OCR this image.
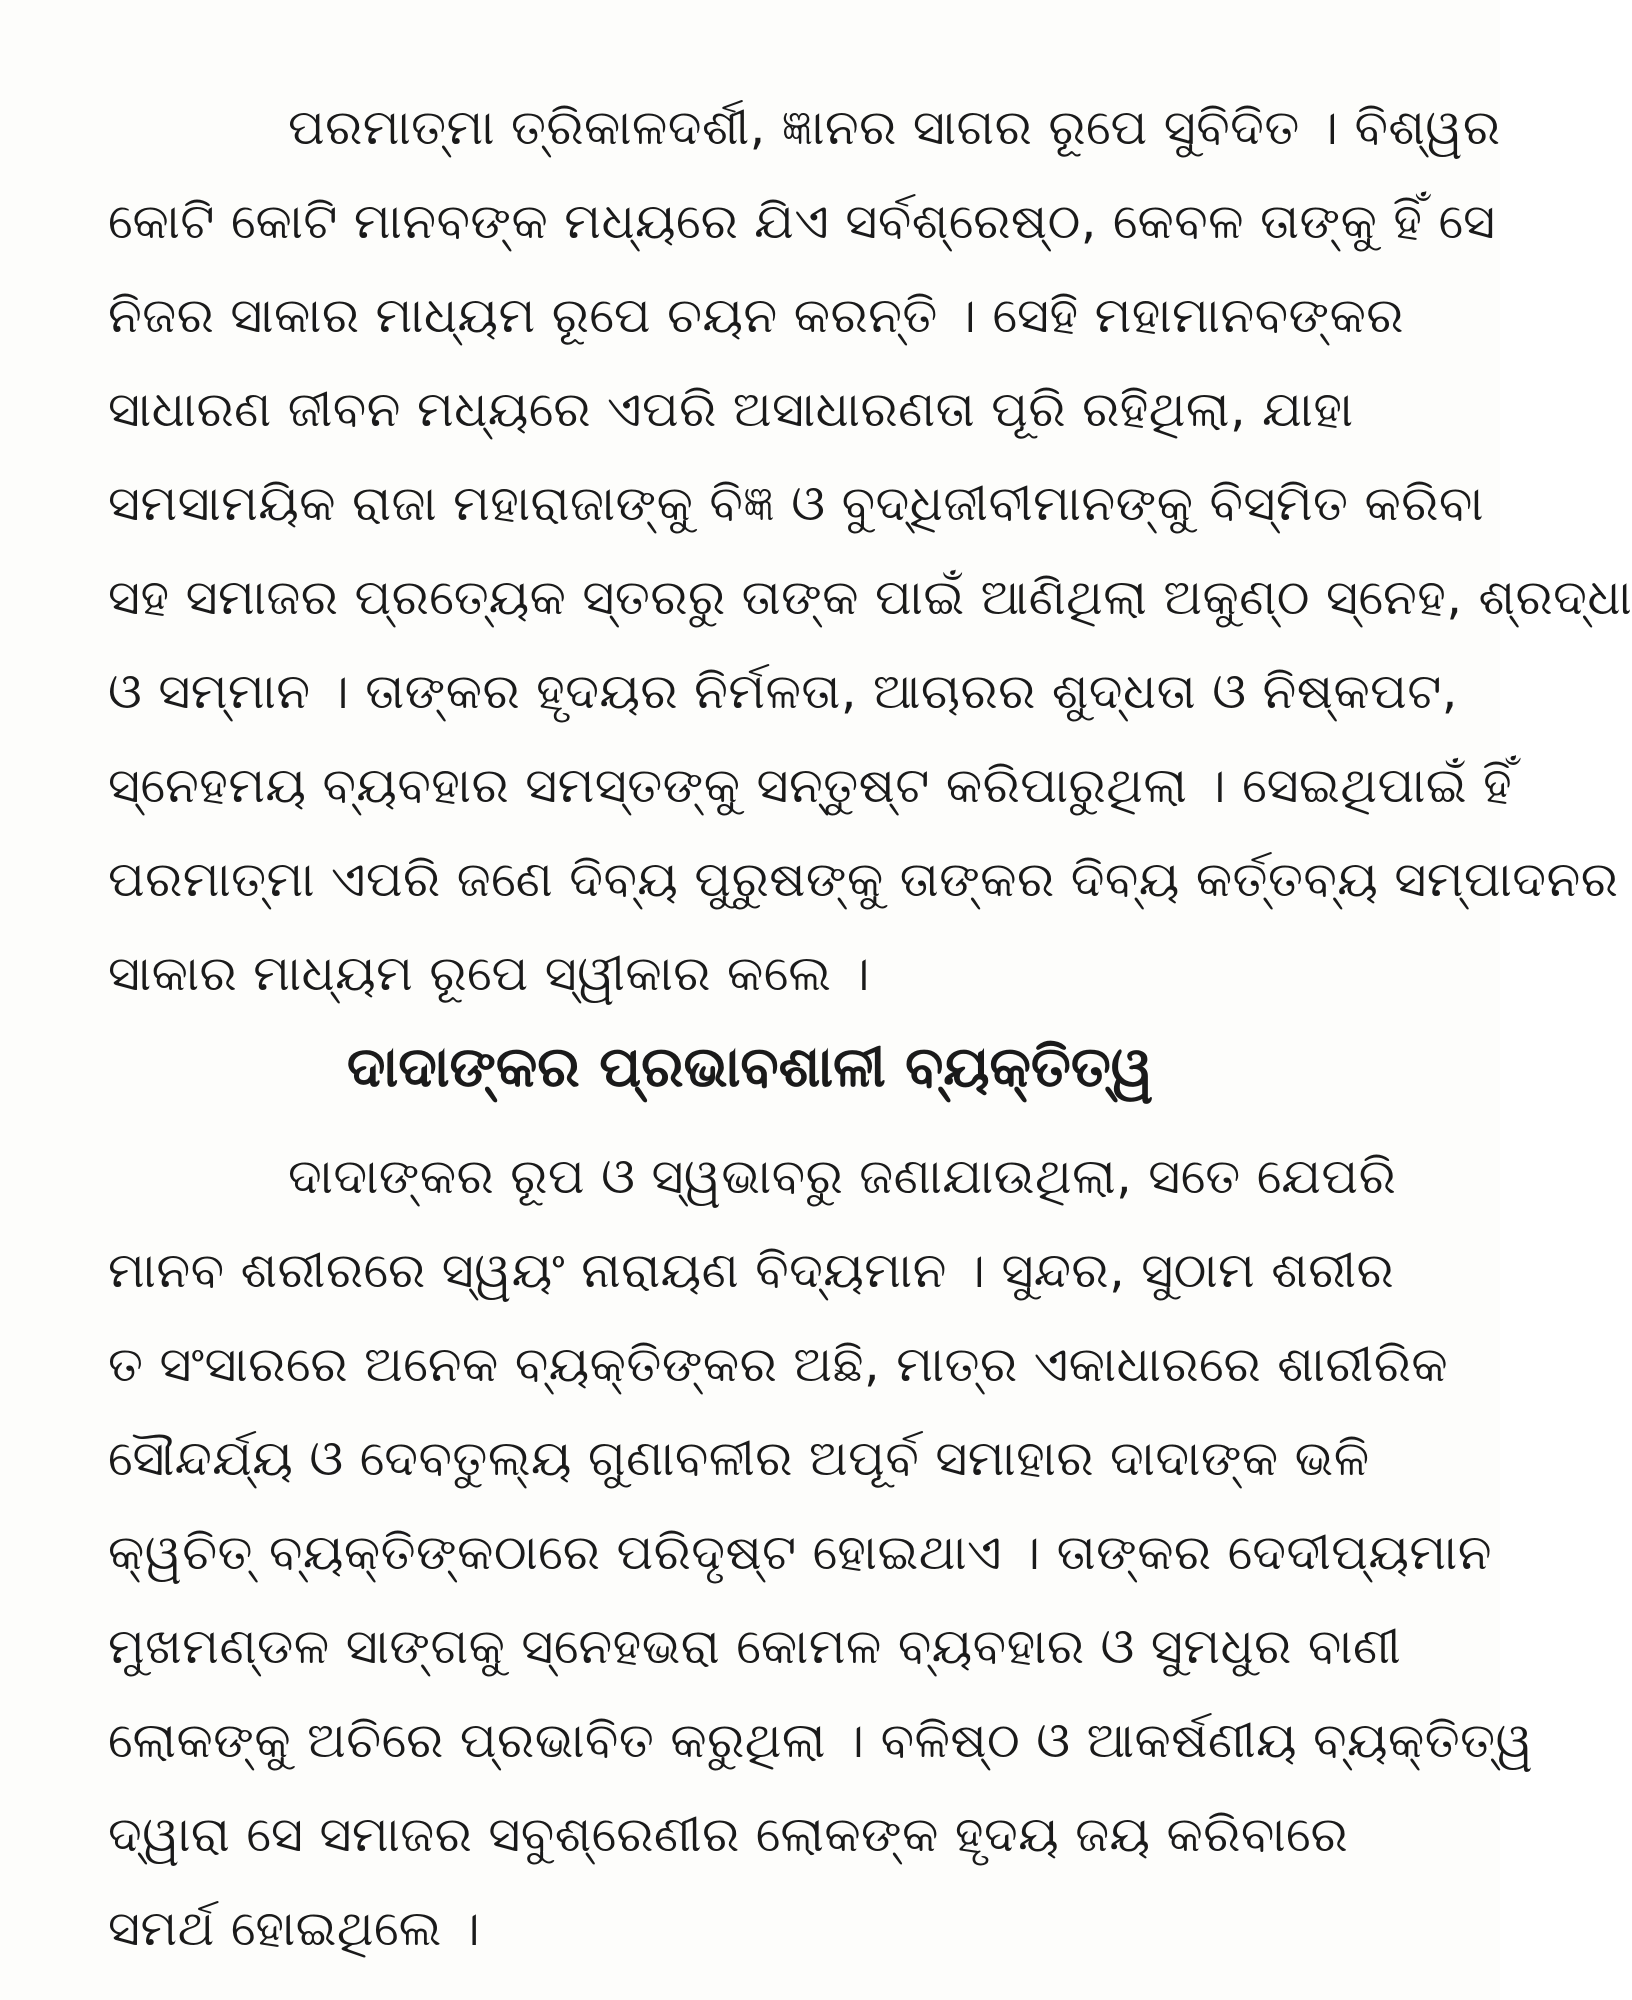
ପରମାତ୍ମା ତ୍ରିକାଳଦର୍ଶୀ, ଜ୍ଞାନର ସାଗର ରୂପେ ସୁବିଦିତ । ବିଶ୍ୱର

କୋଟି କୋଟି ମାନବଙ୍କ ମଧ୍ୟରେ ଯିଏ ସର୍ବଶ୍ରେଷ୍ଠ, କେବଳ ତାଙ୍କୁ ହିଁ ସେ

ନିଜର ସାକାର ମାଧ୍ୟମ ରୂପେ ଚୟନ କରନ୍ତି । ସେହି ମହାମାନବଙ୍କର

ସାଧାରଣ ଜୀବନ ମଧ୍ୟରେ ଏପରି ଅସାଧାରଣତା ପୂରି ରହିଥିଲା, ଯାହା

ସମସାମୟିକ ରାଜା ମହାରାଜାଙ୍କୁ ବିଜ୍ଞ ଓ ବୁଦ୍ଧିଜୀବୀମାନଙ୍କୁ ବିସ୍ମିତ କରିବା

ସହ ସମାଜର ପ୍ରତ୍ୟେକ ସ୍ତରରୁ ତାଙ୍କ ପାଇଁ ଆଣିଥିଲା ଅକୁଣ୍ଠ ସ୍ନେହ, ଶ୍ରଦ୍ଧା

ଓ ସମ୍ମାନ । ତାଙ୍କର ହୃଦୟର ନିର୍ମଳତା, ଆଚାରର ଶୁଦ୍ଧତା ଓ ନିଷ୍କପଟ,

ସ୍ନେହମୟ ବ୍ୟବହାର ସମସ୍ତଙ୍କୁ ସନ୍ତୁଷ୍ଟ କରିପାରୁଥିଲା । ସେଇଥିପାଇଁ ହିଁ

ପରମାତ୍ମା ଏପରି ଜଣେ ଦିବ୍ୟ ପୁରୁଷଙ୍କୁ ତାଙ୍କର ଦିବ୍ୟ କର୍ତ୍ତବ୍ୟ ସମ୍ପାଦନର

ସାକାର ମାଧ୍ୟମ ରୂପେ ସ୍ୱୀକାର କଲେ ।

ଦାଦାଙ୍କର ପ୍ରଭାବଶାଳୀ ବ୍ୟକ୍ତିତ୍ୱ

ଦାଦାଙ୍କର ରୂପ ଓ ସ୍ୱଭାବରୁ ଜଣାଯାଉଥିଲା, ସତେ ଯେପରି

ମାନବ ଶରୀରରେ ସ୍ୱୟଂ ନାରାୟଣ ବିଦ୍ୟମାନ । ସୁନ୍ଦର, ସୁଠାମ ଶରୀର

ତ ସଂସାରରେ ଅନେକ ବ୍ୟକ୍ତିଙ୍କର ଅଛି, ମାତ୍ର ଏକାଧାରରେ ଶାରୀରିକ

ସୌନ୍ଦର୍ଯ୍ୟ ଓ ଦେବତୁଲ୍ୟ ଗୁଣାବଳୀର ଅପୂର୍ବ ସମାହାର ଦାଦାଙ୍କ ଭଳି

କ୍ୱଚିତ୍ ବ୍ୟକ୍ତିଙ୍କଠାରେ ପରିଦୃଷ୍ଟ ହୋଇଥାଏ । ତାଙ୍କର ଦେଦୀପ୍ୟମାନ

ମୁଖମଣ୍ଡଳ ସାଙ୍ଗକୁ ସ୍ନେହଭରା କୋମଳ ବ୍ୟବହାର ଓ ସୁମଧୁର ବାଣୀ

ଲୋକଙ୍କୁ ଅଚିରେ ପ୍ରଭାବିତ କରୁଥିଲା । ବଳିଷ୍ଠ ଓ ଆକର୍ଷଣୀୟ ବ୍ୟକ୍ତିତ୍ୱ

ଦ୍ୱାରା ସେ ସମାଜର ସବୁଶ୍ରେଣୀର ଲୋକଙ୍କ ହୃଦୟ ଜୟ କରିବାରେ

ସମର୍ଥ ହୋଇଥିଲେ ।
